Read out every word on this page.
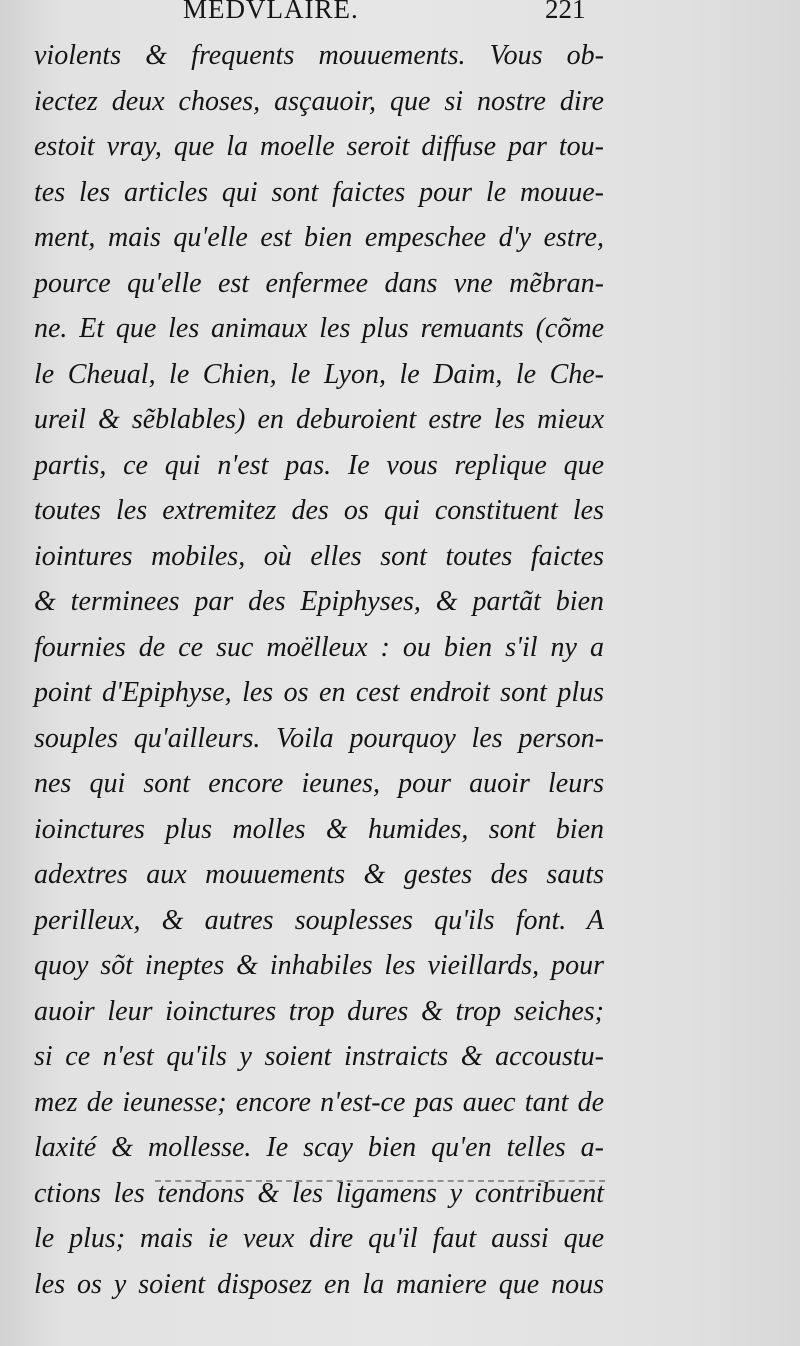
MEDVLAIRE.	221
violents & frequents mouuements. Vous ob-
iectez deux choses, asçauoir, que si nostre dire
estoit vray, que la moelle seroit diffuse par tou-
tes les articles qui sont faictes pour le mouue-
ment, mais qu'elle est bien empeschee d'y estre,
pource qu'elle est enfermee dans vne mẽbran-
ne. Et que les animaux les plus remuants (cõme
le Cheual, le Chien, le Lyon, le Daim, le Che-
ureil & sẽblables) en deburoient estre les mieux
partis, ce qui n'est pas. Ie vous replique que
toutes les extremitez des os qui constituent les
iointures mobiles, où elles sont toutes faictes
& terminees par des Epiphyses, & partãt bien
fournies de ce suc moëlleux : ou bien s'il ny a
point d'Epiphyse, les os en cest endroit sont plus
souples qu'ailleurs. Voila pourquoy les person-
nes qui sont encore ieunes, pour auoir leurs
ioinctures plus molles & humides, sont bien
adextres aux mouuements & gestes des sauts
perilleux, & autres souplesses qu'ils font. A
quoy sõt ineptes & inhabiles les vieillards, pour
auoir leur ioinctures trop dures & trop seiches;
si ce n'est qu'ils y soient instraicts & accoustu-
mez de ieunesse; encore n'est-ce pas auec tant de
laxité & mollesse. Ie scay bien qu'en telles a-
ctions les tendons & les ligamens y contribuent
le plus; mais ie veux dire qu'il faut aussi que
les os y soient disposez en la maniere que nous
